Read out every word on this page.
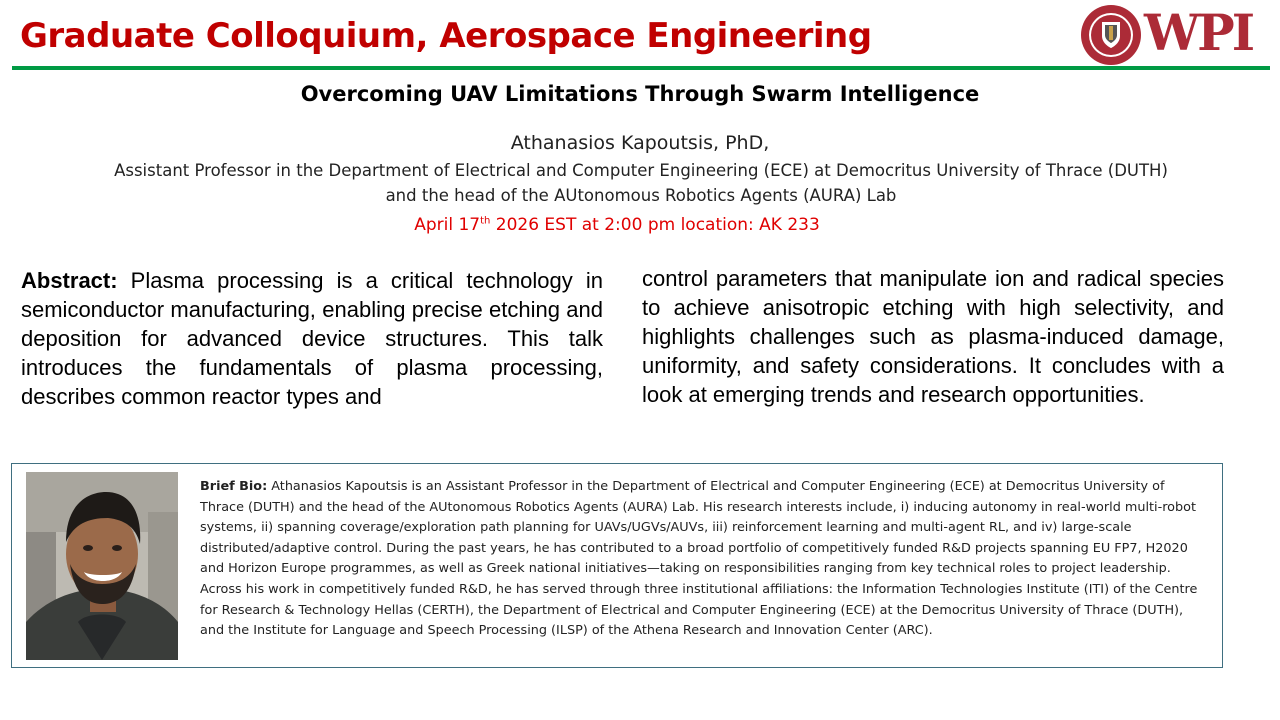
Graduate Colloquium, Aerospace Engineering	WPI
Overcoming UAV Limitations Through Swarm Intelligence
Athanasios Kapoutsis, PhD,
Assistant Professor in the Department of Electrical and Computer Engineering (ECE) at Democritus University of Thrace (DUTH)
and the head of the AUtonomous Robotics Agents (AURA) Lab
April 17th 2026 EST at 2:00 pm location: AK 233
Abstract: Plasma processing is a critical technology in semiconductor manufacturing, enabling precise etching and deposition for advanced device structures. This talk introduces the fundamentals of plasma processing, describes common reactor types and
control parameters that manipulate ion and radical species to achieve anisotropic etching with high selectivity, and highlights challenges such as plasma-induced damage, uniformity, and safety considerations. It concludes with a look at emerging trends and research opportunities.
Brief Bio: Athanasios Kapoutsis is an Assistant Professor in the Department of Electrical and Computer Engineering (ECE) at Democritus University of Thrace (DUTH) and the head of the AUtonomous Robotics Agents (AURA) Lab. His research interests include, i) inducing autonomy in real-world multi-robot systems, ii) spanning coverage/exploration path planning for UAVs/UGVs/AUVs, iii) reinforcement learning and multi-agent RL, and iv) large-scale distributed/adaptive control. During the past years, he has contributed to a broad portfolio of competitively funded R&D projects spanning EU FP7, H2020 and Horizon Europe programmes, as well as Greek national initiatives—taking on responsibilities ranging from key technical roles to project leadership. Across his work in competitively funded R&D, he has served through three institutional affiliations: the Information Technologies Institute (ITI) of the Centre for Research & Technology Hellas (CERTH), the Department of Electrical and Computer Engineering (ECE) at the Democritus University of Thrace (DUTH), and the Institute for Language and Speech Processing (ILSP) of the Athena Research and Innovation Center (ARC).
